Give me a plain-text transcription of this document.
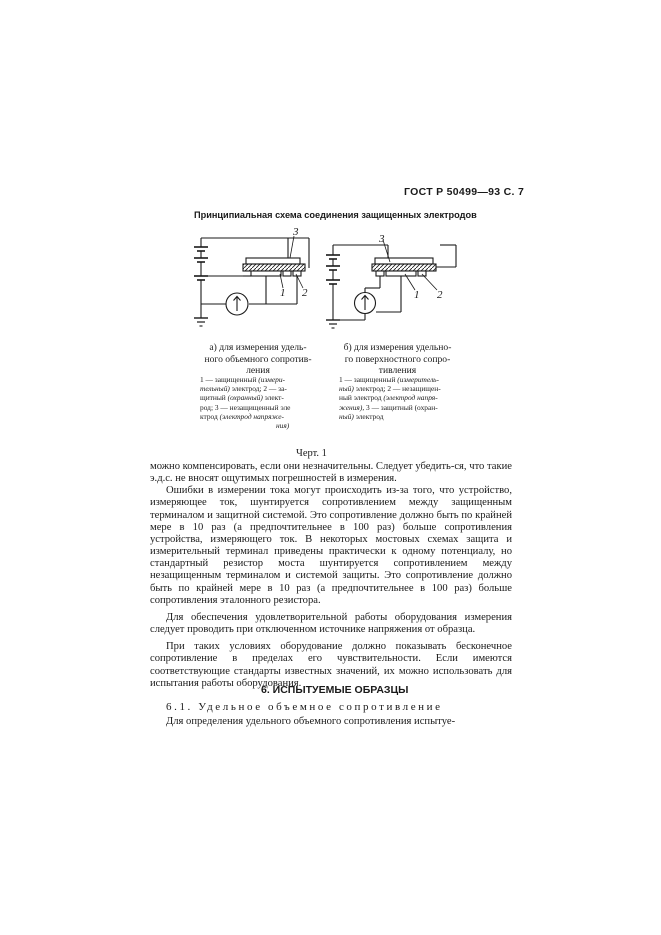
ГОСТ Р 50499—93 С. 7
Принципиальная схема соединения защищенных электродов
3
1 2
3
1 2
а) для измерения удель-
ного объемного сопротив-
ления
б) для измерения удельно-
го поверхностного сопро-
тивления
1 — защищенный (измери-
тельный) электрод; 2 — за-
щитный (охранный) элект-
род; 3 — незащищенный эле
ктрод (электрод напряже-
ния)
1 — защищенный (измеритель-
ный) электрод; 2 — незащищен-
ный электрод (электрод напря-
жения), 3 — защитный (охран-
ный) электрод
Черт. 1

можно компенсировать, если они незначительны. Следует убедить-ся, что такие э.д.с. не вносят ощутимых погрешностей в измерения.

Ошибки в измерении тока могут происходить из-за того, что устройство, измеряющее ток, шунтируется сопротивлением между защищенным терминалом и защитной системой. Это сопротивление должно быть по крайней мере в 10 раз (а предпочтительнее в 100 раз) больше сопротивления устройства, измеряющего ток. В некоторых мостовых схемах защита и измерительный терминал приведены практически к одному потенциалу, но стандартный резистор моста шунтируется сопротивлением между незащищенным терминалом и системой защиты. Это сопротивление должно быть по крайней мере в 10 раз (а предпочтительнее в 100 раз) больше сопротивления эталонного резистора.

Для обеспечения удовлетворительной работы оборудования измерения следует проводить при отключенном источнике напряжения от образца.

При таких условиях оборудование должно показывать бесконечное сопротивление в пределах его чувствительности. Если имеются соответствующие стандарты известных значений, их можно использовать для испытания работы оборудования.

6. ИСПЫТУЕМЫЕ ОБРАЗЦЫ
6.1. Удельное объемное сопротивление
Для определения удельного объемного сопротивления испытуе-
